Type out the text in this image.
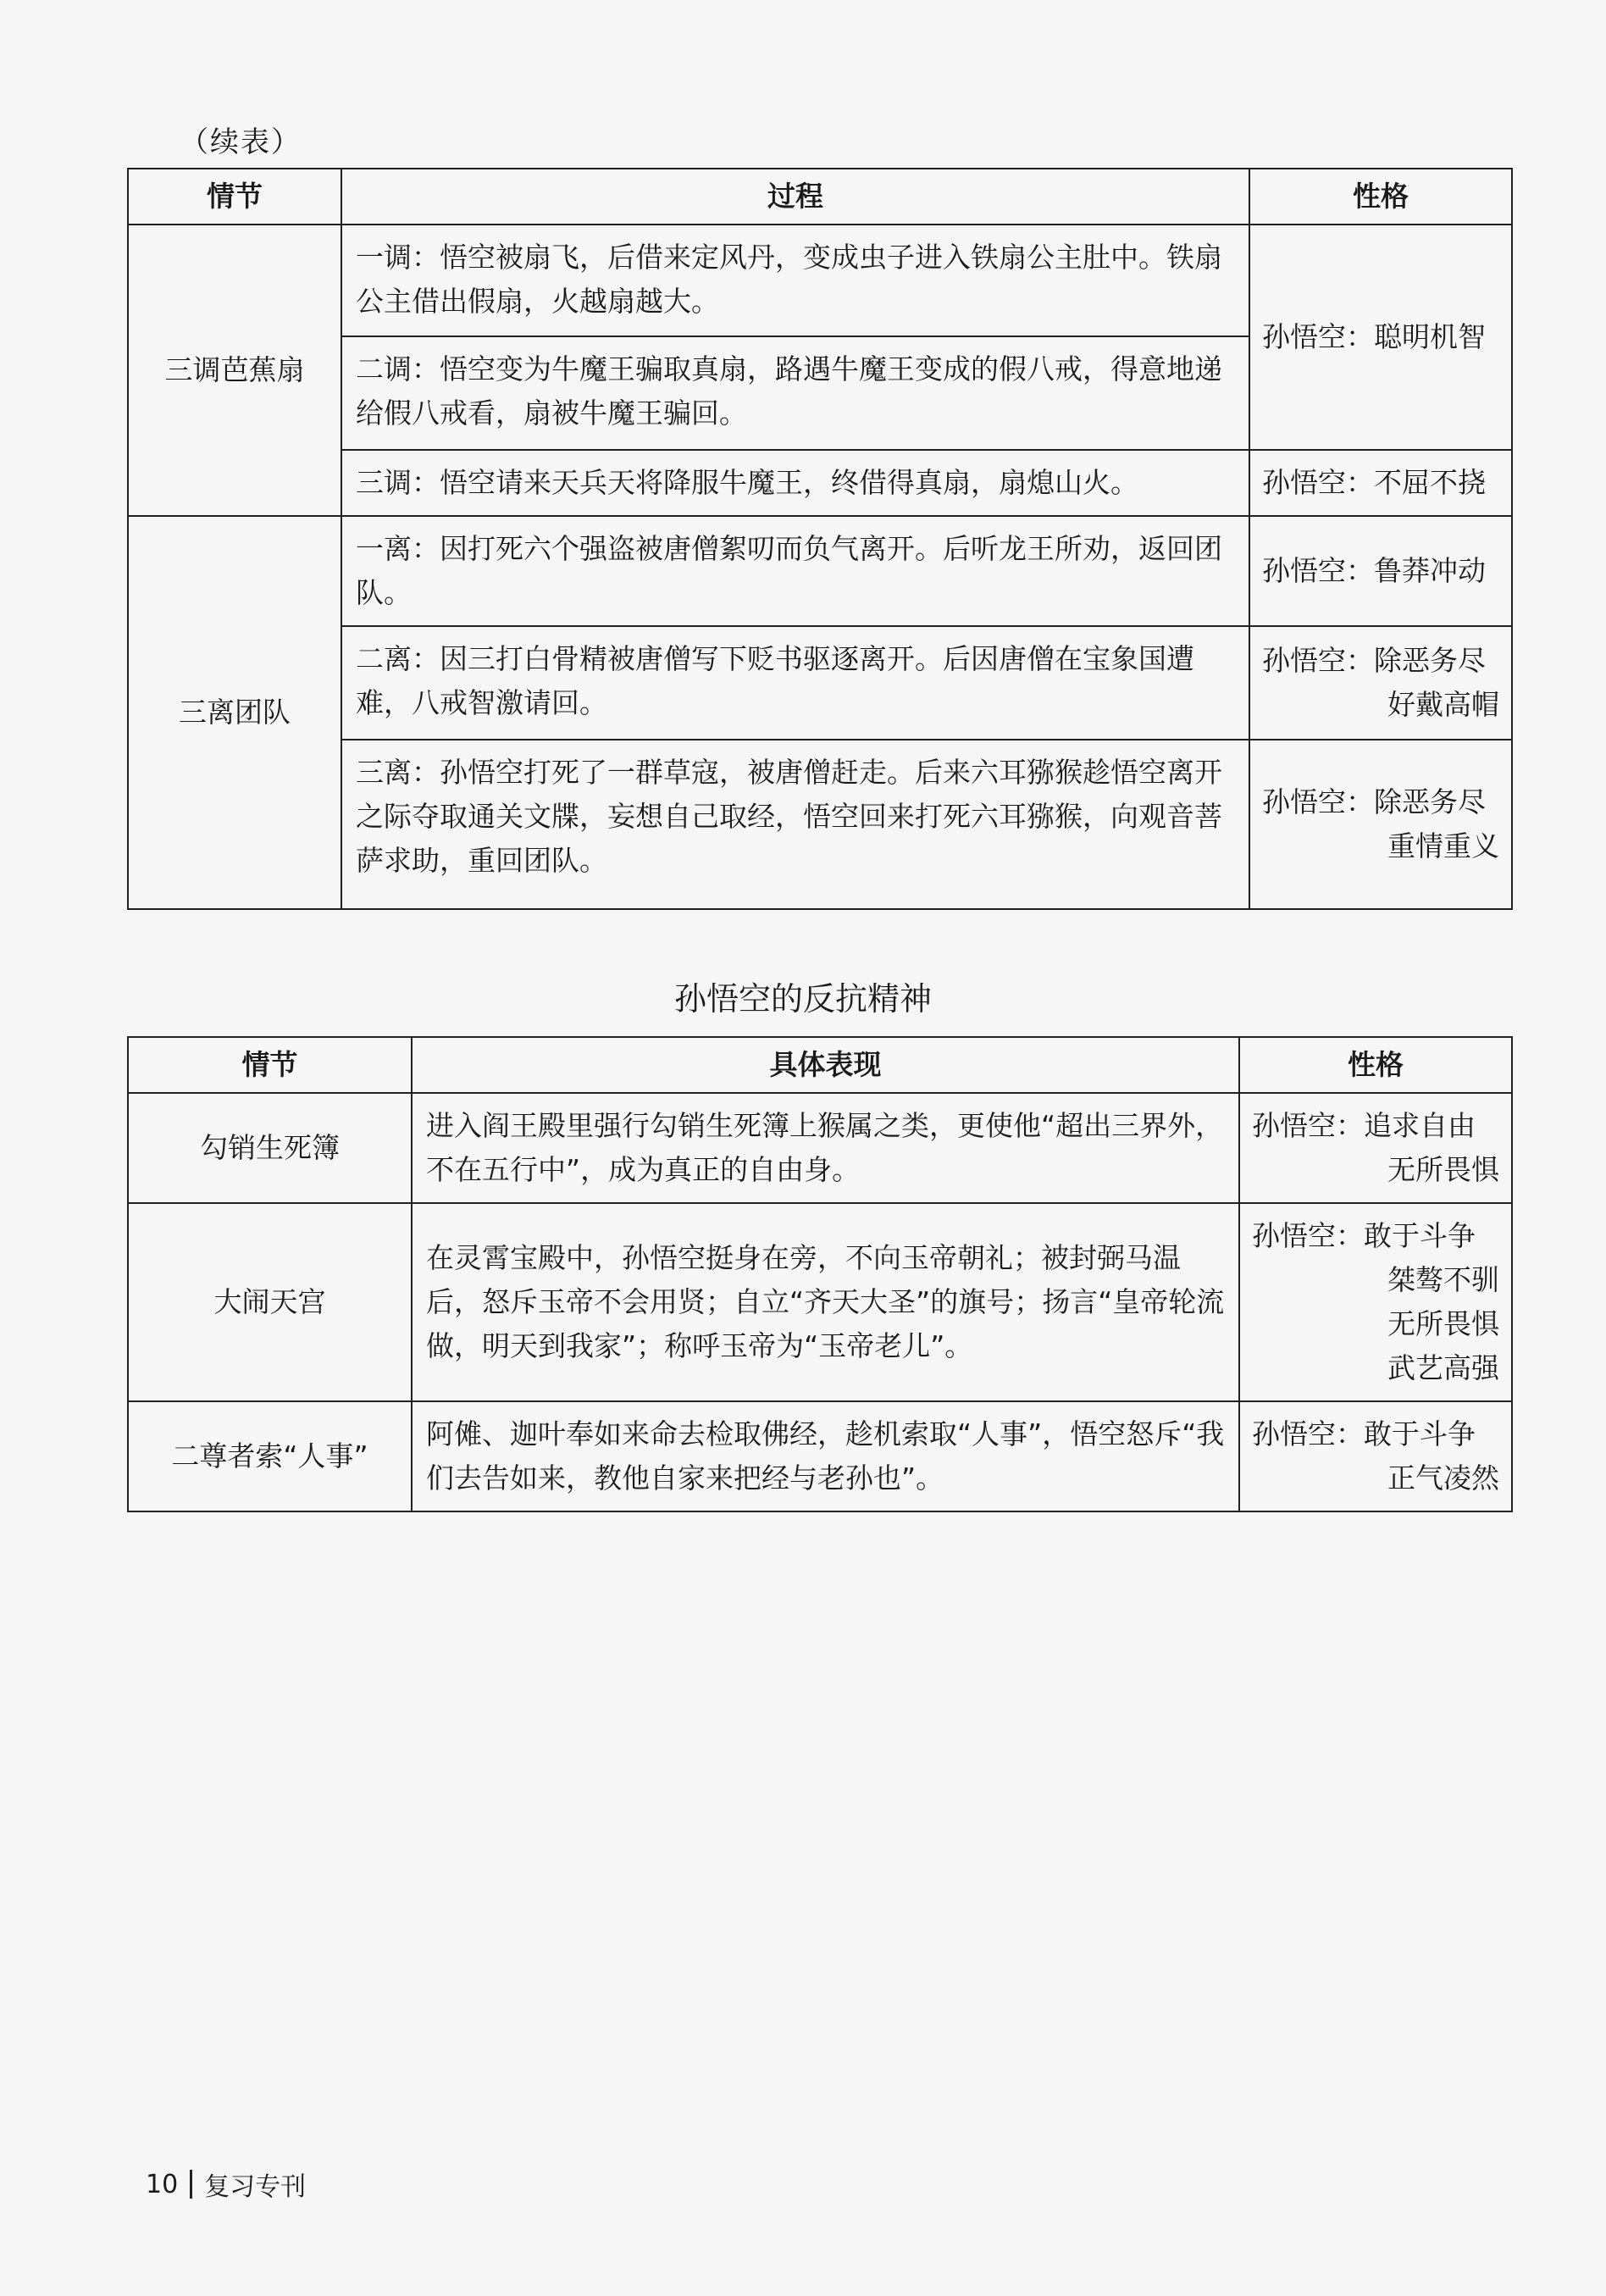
（续表）
情节	过程	性格
三调芭蕉扇	一调：悟空被扇飞，后借来定风丹，变成虫子进入铁扇公主肚中。铁扇公主借出假扇，火越扇越大。	孙悟空：聪明机智

	二调：悟空变为牛魔王骗取真扇，路遇牛魔王变成的假八戒，得意地递给假八戒看，扇被牛魔王骗回。	
	三调：悟空请来天兵天将降服牛魔王，终借得真扇，扇熄山火。	孙悟空：不屈不挠

三离团队	一离：因打死六个强盗被唐僧絮叨而负气离开。后听龙王所劝，返回团队。	孙悟空：鲁莽冲动

	二离：因三打白骨精被唐僧写下贬书驱逐离开。后因唐僧在宝象国遭难，八戒智激请回。	孙悟空：除恶务尽
好戴高帽

	三离：孙悟空打死了一群草寇，被唐僧赶走。后来六耳猕猴趁悟空离开之际夺取通关文牒，妄想自己取经，悟空回来打死六耳猕猴，向观音菩萨求助，重回团队。	孙悟空：除恶务尽
重情重义
孙悟空的反抗精神
情节	具体表现	性格
勾销生死簿	进入阎王殿里强行勾销生死簿上猴属之类，更使他“超出三界外，不在五行中”，成为真正的自由身。	孙悟空：追求自由
无所畏惧

大闹天宫	在灵霄宝殿中，孙悟空挺身在旁，不向玉帝朝礼；被封弼马温后，怒斥玉帝不会用贤；自立“齐天大圣”的旗号；扬言“皇帝轮流做，明天到我家”；称呼玉帝为“玉帝老儿”。	孙悟空：敢于斗争
桀骜不驯
无所畏惧
武艺高强

二尊者索“人事”	阿傩、迦叶奉如来命去检取佛经，趁机索取“人事”，悟空怒斥“我们去告如来，教他自家来把经与老孙也”。	孙悟空：敢于斗争
正气凌然
10 复习专刊
